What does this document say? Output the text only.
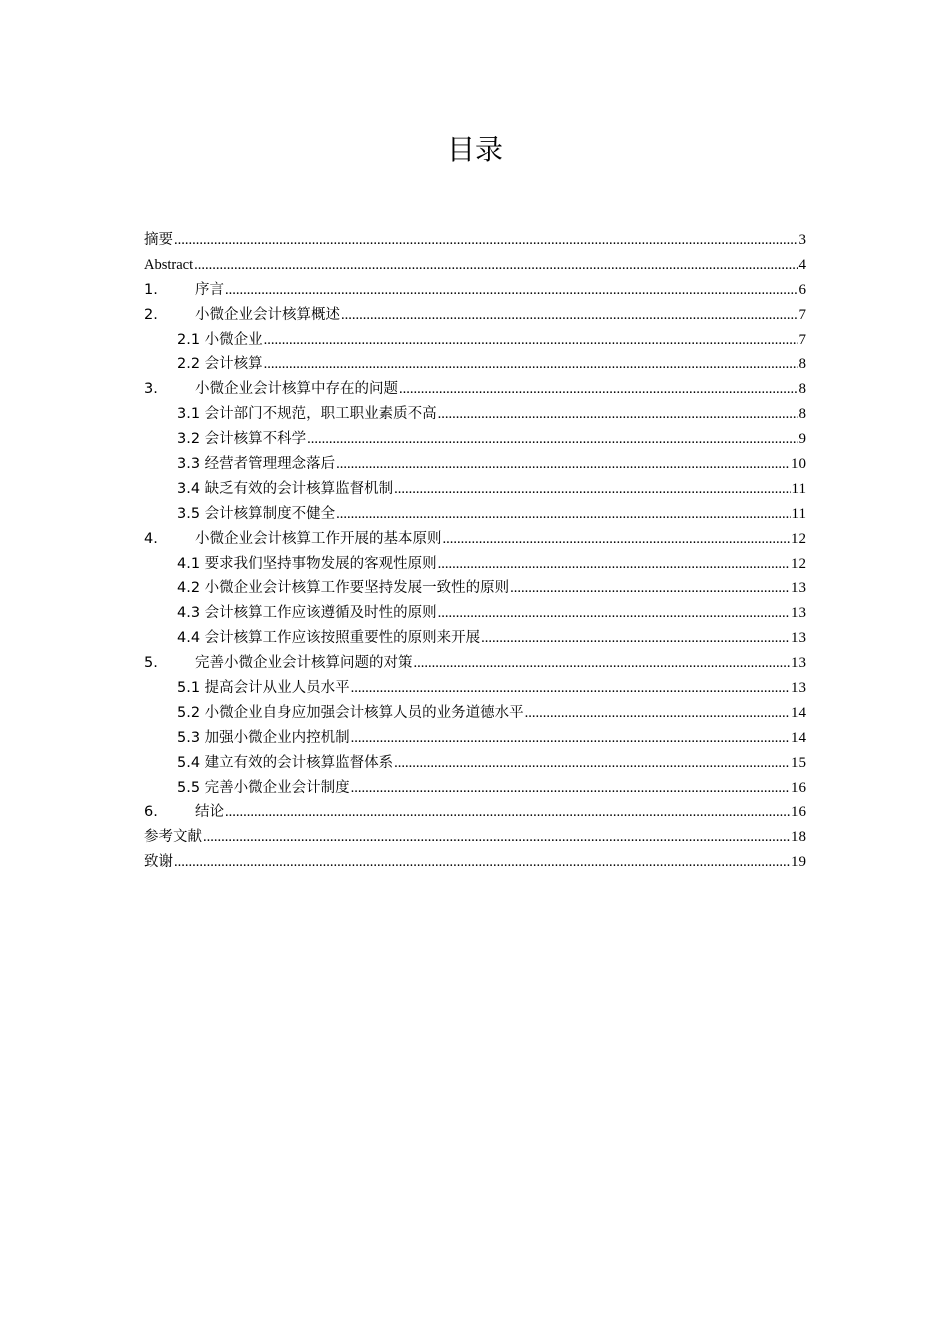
目录
摘要 .....	3
Abstract .....	4
1.	序言 .....	6
2.	小微企业会计核算概述 .....	7
2.1 小微企业 .....	7
2.2 会计核算 .....	8
3.	小微企业会计核算中存在的问题 .....	8
3.1 会计部门不规范，职工职业素质不高 .....	8
3.2 会计核算不科学 .....	9
3.3 经营者管理理念落后 .....	10
3.4 缺乏有效的会计核算监督机制 .....	11
3.5 会计核算制度不健全 .....	11
4.	小微企业会计核算工作开展的基本原则 .....	12
4.1 要求我们坚持事物发展的客观性原则 .....	12
4.2 小微企业会计核算工作要坚持发展一致性的原则 .....	13
4.3 会计核算工作应该遵循及时性的原则 .....	13
4.4 会计核算工作应该按照重要性的原则来开展 .....	13
5.	完善小微企业会计核算问题的对策 .....	13
5.1 提高会计从业人员水平 .....	13
5.2 小微企业自身应加强会计核算人员的业务道德水平 .....	14
5.3 加强小微企业内控机制 .....	14
5.4 建立有效的会计核算监督体系 .....	15
5.5 完善小微企业会计制度 .....	16
6.	结论 .....	16
参考文献 .....	18
致谢 .....	19
